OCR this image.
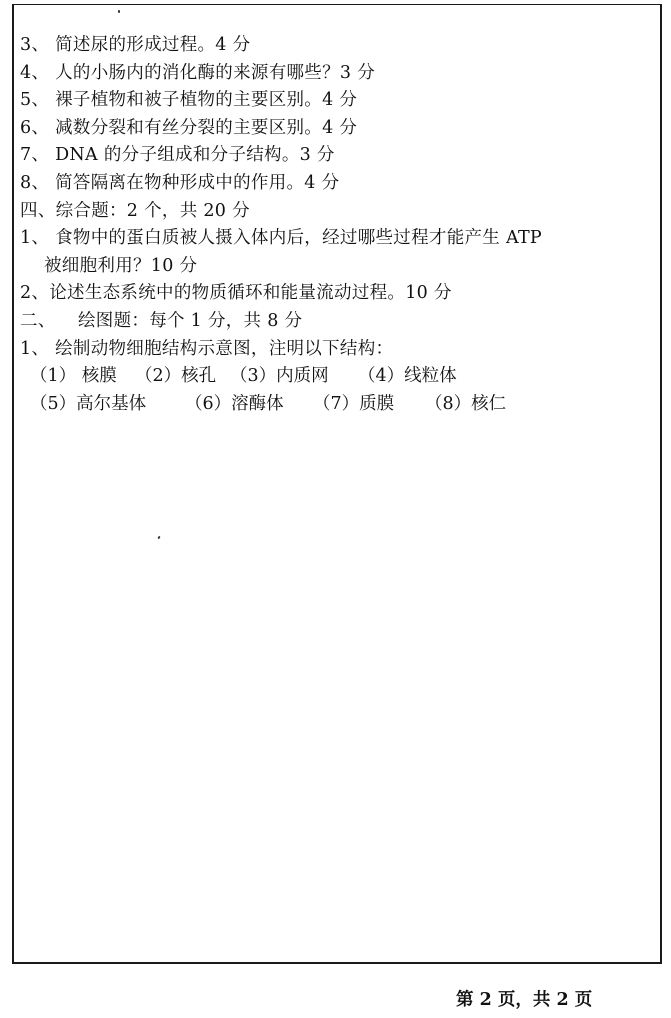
3、 简述尿的形成过程。4 分
4、 人的小肠内的消化酶的来源有哪些？3 分
5、 裸子植物和被子植物的主要区别。4 分
6、 减数分裂和有丝分裂的主要区别。4 分
7、 DNA 的分子组成和分子结构。3 分
8、 简答隔离在物种形成中的作用。4 分
四、综合题：2 个，共 20 分
1、 食物中的蛋白质被人摄入体内后，经过哪些过程才能产生 ATP
被细胞利用？10 分
2、论述生态系统中的物质循环和能量流动过程。10 分
二、 绘图题：每个 1 分，共 8 分
1、 绘制动物细胞结构示意图，注明以下结构：
（1） 核膜	（2）核孔 （3）内质网	（4）线粒体
（5）高尔基体	（6）溶酶体	（7）质膜	（8）核仁
第 2 页，共 2 页
